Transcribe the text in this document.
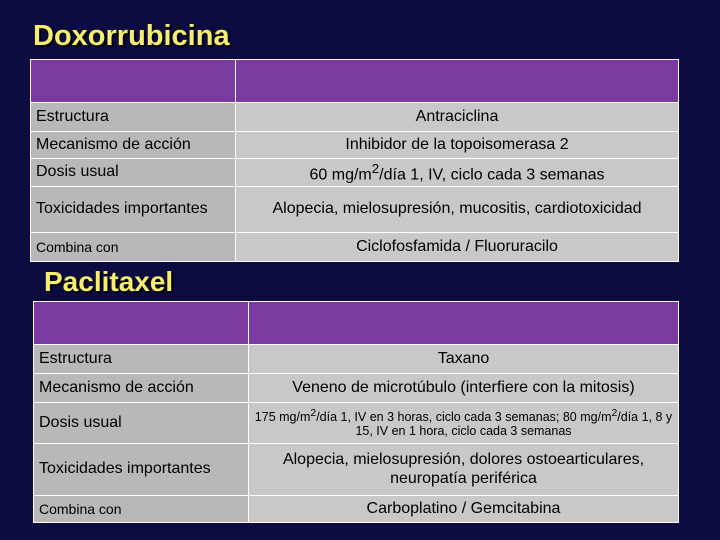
Doxorrubicina

Estructura	Antraciclina
Mecanismo de acción	Inhibidor de la topoisomerasa 2
Dosis usual	60 $mg/m^2$/día 1, IV, ciclo cada 3 semanas
Toxicidades importantes	Alopecia, mielosupresión, mucositis, cardiotoxicidad
Combina con	Ciclofosfamida / Fluoruracilo
Paclitaxel

Estructura	Taxano
Mecanismo de acción	Veneno de microtúbulo (interfiere con la mitosis)
Dosis usual	175 $mg/m^2$/día 1, IV en 3 horas, ciclo cada 3 semanas; 80 $mg/m^2$/día 1, 8 y 15, IV en 1 hora, ciclo cada 3 semanas
Toxicidades importantes	Alopecia, mielosupresión, dolores ostoearticulares, neuropatía periférica
Combina con	Carboplatino / Gemcitabina
